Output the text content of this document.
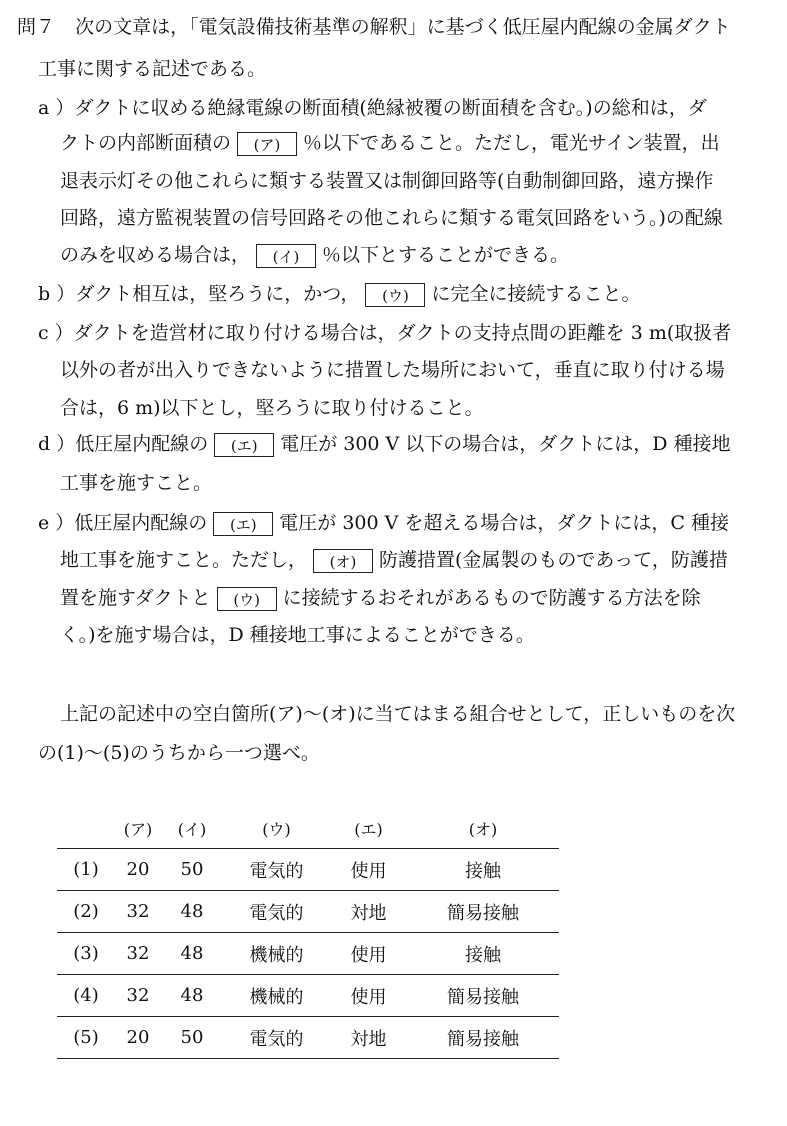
問７ 次の文章は，「電気設備技術基準の解釈」に基づく低圧屋内配線の金属ダクト
工事に関する記述である。
a ）ダクトに収める絶縁電線の断面積(絶縁被覆の断面積を含む。)の総和は，ダ
クトの内部断面積の (ア) ％以下であること。ただし，電光サイン装置，出
退表示灯その他これらに類する装置又は制御回路等(自動制御回路，遠方操作
回路，遠方監視装置の信号回路その他これらに類する電気回路をいう。)の配線
のみを収める場合は， (イ) ％以下とすることができる。
b ）ダクト相互は，堅ろうに，かつ， (ウ) に完全に接続すること。
c ）ダクトを造営材に取り付ける場合は，ダクトの支持点間の距離を 3 m(取扱者
以外の者が出入りできないように措置した場所において，垂直に取り付ける場
合は，6 m)以下とし，堅ろうに取り付けること。
d ）低圧屋内配線の (エ) 電圧が 300 V 以下の場合は，ダクトには，D 種接地
工事を施すこと。
e ）低圧屋内配線の (エ) 電圧が 300 V を超える場合は，ダクトには，C 種接
地工事を施すこと。ただし， (オ) 防護措置(金属製のものであって，防護措
置を施すダクトと (ウ) に接続するおそれがあるもので防護する方法を除
く。)を施す場合は，D 種接地工事によることができる。
上記の記述中の空白箇所(ア)～(オ)に当てはまる組合せとして，正しいものを次
の(1)～(5)のうちから一つ選べ。
	(ア)	(イ)	(ウ)	(エ)	(オ)
(1)	20	50	電気的	使用	接触
(2)	32	48	電気的	対地	簡易接触
(3)	32	48	機械的	使用	接触
(4)	32	48	機械的	使用	簡易接触
(5)	20	50	電気的	対地	簡易接触
